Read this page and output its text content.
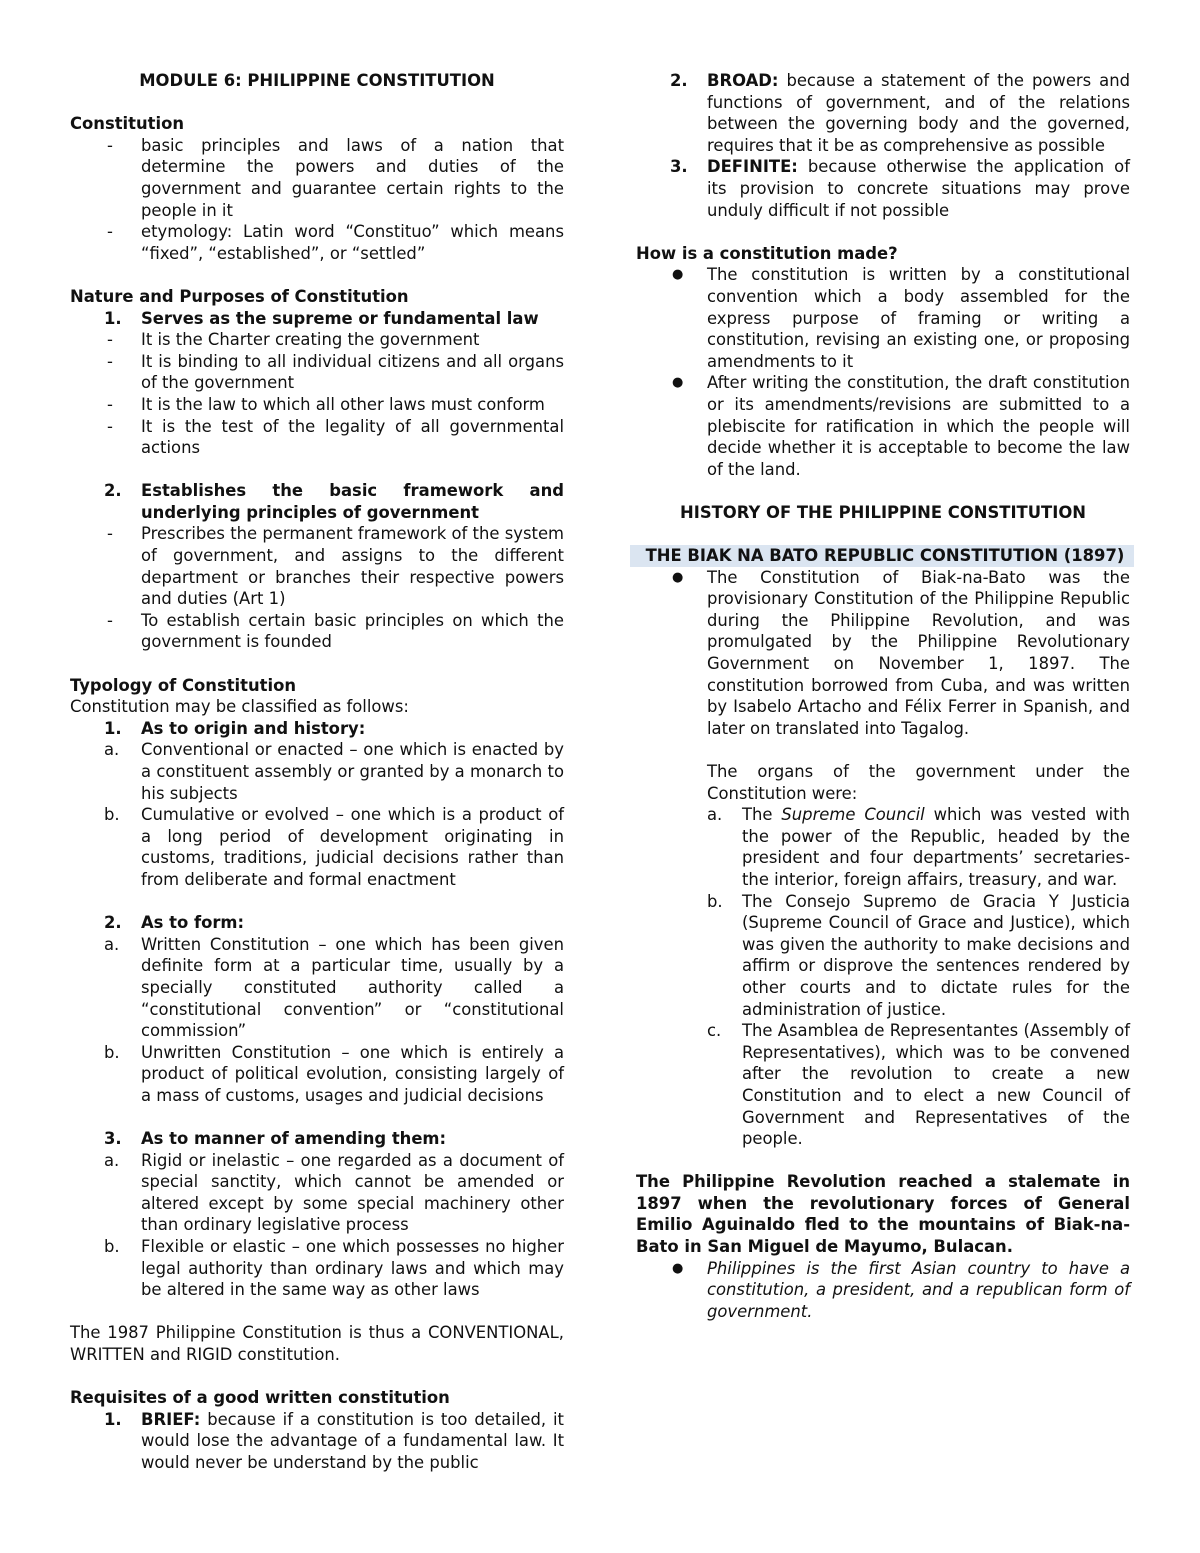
MODULE 6: PHILIPPINE CONSTITUTION

Constitution

- basic principles and laws of a nation that determine the powers and duties of the government and guarantee certain rights to the people in it
- etymology: Latin word “Constituo” which means “fixed”, “established”, or “settled”

Nature and Purposes of Constitution

1. Serves as the supreme or fundamental law
- It is the Charter creating the government
- It is binding to all individual citizens and all organs of the government
- It is the law to which all other laws must conform
- It is the test of the legality of all governmental actions
2. Establishes the basic framework and underlying principles of government
- Prescribes the permanent framework of the system of government, and assigns to the different department or branches their respective powers and duties (Art 1)
- To establish certain basic principles on which the government is founded

Typology of Constitution

Constitution may be classified as follows:

1. As to origin and history:
a. Conventional or enacted – one which is enacted by a constituent assembly or granted by a monarch to his subjects
b. Cumulative or evolved – one which is a product of a long period of development originating in customs, traditions, judicial decisions rather than from deliberate and formal enactment
2. As to form:
a. Written Constitution – one which has been given definite form at a particular time, usually by a specially constituted authority called a “constitutional convention” or “constitutional commission”
b. Unwritten Constitution – one which is entirely a product of political evolution, consisting largely of a mass of customs, usages and judicial decisions
3. As to manner of amending them:
a. Rigid or inelastic – one regarded as a document of special sanctity, which cannot be amended or altered except by some special machinery other than ordinary legislative process
b. Flexible or elastic – one which possesses no higher legal authority than ordinary laws and which may be altered in the same way as other laws

The 1987 Philippine Constitution is thus a CONVENTIONAL, WRITTEN and RIGID constitution.

Requisites of a good written constitution

1. BRIEF: because if a constitution is too detailed, it would lose the advantage of a fundamental law. It would never be understand by the public
2. BROAD: because a statement of the powers and functions of government, and of the relations between the governing body and the governed, requires that it be as comprehensive as possible
3. DEFINITE: because otherwise the application of its provision to concrete situations may prove unduly difficult if not possible

How is a constitution made?

● The constitution is written by a constitutional convention which a body assembled for the express purpose of framing or writing a constitution, revising an existing one, or proposing amendments to it
● After writing the constitution, the draft constitution or its amendments/revisions are submitted to a plebiscite for ratification in which the people will decide whether it is acceptable to become the law of the land.

HISTORY OF THE PHILIPPINE CONSTITUTION

THE BIAK NA BATO REPUBLIC CONSTITUTION (1897)

● The Constitution of Biak-na-Bato was the provisionary Constitution of the Philippine Republic during the Philippine Revolution, and was promulgated by the Philippine Revolutionary Government on November 1, 1897. The constitution borrowed from Cuba, and was written by Isabelo Artacho and Félix Ferrer in Spanish, and later on translated into Tagalog.

The organs of the government under the Constitution were:

a. The Supreme Council which was vested with the power of the Republic, headed by the president and four departments’ secretaries- the interior, foreign affairs, treasury, and war.
b. The Consejo Supremo de Gracia Y Justicia (Supreme Council of Grace and Justice), which was given the authority to make decisions and affirm or disprove the sentences rendered by other courts and to dictate rules for the administration of justice.
c. The Asamblea de Representantes (Assembly of Representatives), which was to be convened after the revolution to create a new Constitution and to elect a new Council of Government and Representatives of the people.

The Philippine Revolution reached a stalemate in 1897 when the revolutionary forces of General Emilio Aguinaldo fled to the mountains of Biak-na- Bato in San Miguel de Mayumo, Bulacan.

● Philippines is the first Asian country to have a constitution, a president, and a republican form of government.
